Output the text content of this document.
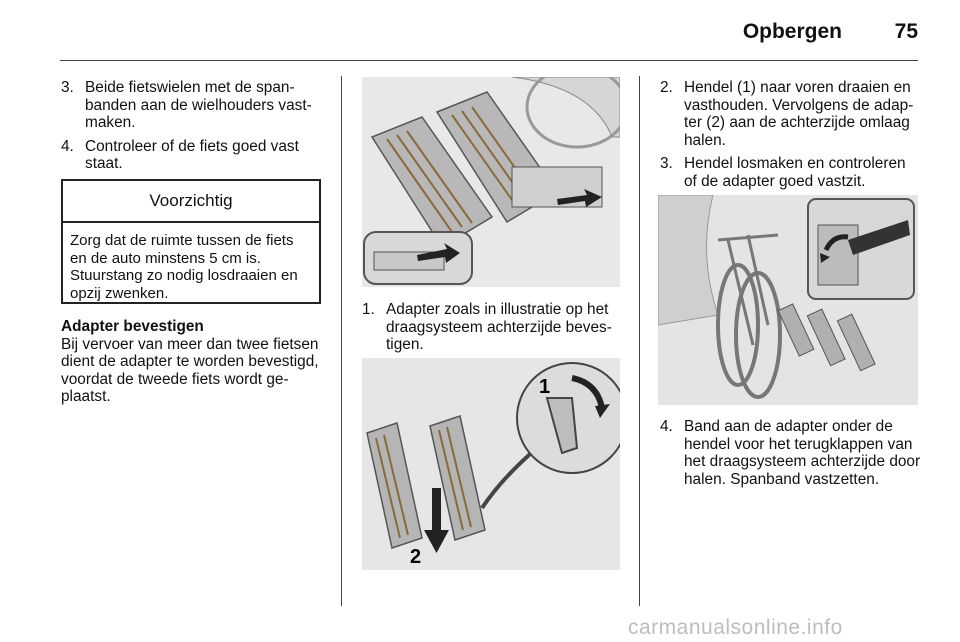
Opbergen	75
3. Beide fietswielen met de spanbanden aan de wielhouders vastmaken.
4. Controleer of de fiets goed vast staat.
Voorzichtig
Zorg dat de ruimte tussen de fiets en de auto minstens 5 cm is. Stuurstang zo nodig losdraaien en opzij zwenken.
Adapter bevestigen
Bij vervoer van meer dan twee fietsen dient de adapter te worden bevestigd, voordat de tweede fiets wordt geplaatst.
1. Adapter zoals in illustratie op het draagsysteem achterzijde bevestigen.
1
2
2. Hendel (1) naar voren draaien en vasthouden. Vervolgens de adapter (2) aan de achterzijde omlaag halen.
3. Hendel losmaken en controleren of de adapter goed vastzit.
4. Band aan de adapter onder de hendel voor het terugklappen van het draagsysteem achterzijde door halen. Spanband vastzetten.
carmanualsonline.info
